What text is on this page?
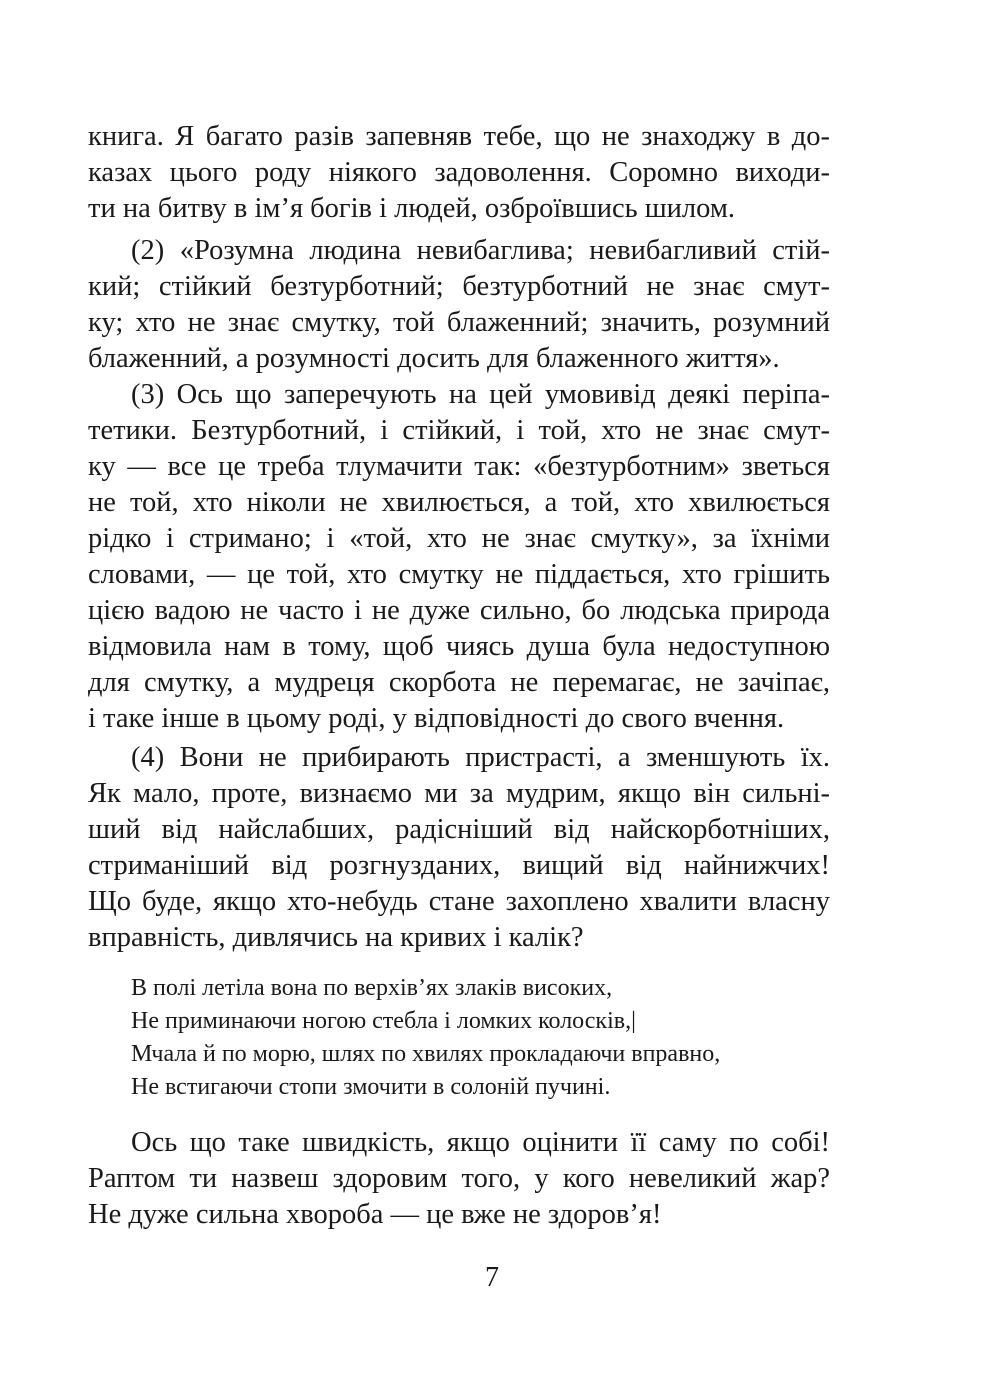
книга. Я багато разів запевняв тебе, що не знаходжу в до-
казах цього роду ніякого задоволення. Соромно виходи-
ти на битву в ім’я богів і людей, озброївшись шилом.
(2) «Розумна людина невибаглива; невибагливий стій-
кий; стійкий безтурботний; безтурботний не знає смут-
ку; хто не знає смутку, той блаженний; значить, розумний
блаженний, а розумності досить для блаженного життя».
(3) Ось що заперечують на цей умовивід деякі періпа-
тетики. Безтурботний, і стійкий, і той, хто не знає смут-
ку — все це треба тлумачити так: «безтурботним» зветься
не той, хто ніколи не хвилюється, а той, хто хвилюється
рідко і стримано; і «той, хто не знає смутку», за їхніми
словами, — це той, хто смутку не піддається, хто грішить
цією вадою не часто і не дуже сильно, бо людська природа
відмовила нам в тому, щоб чиясь душа була недоступною
для смутку, а мудреця скорбота не перемагає, не зачіпає,
і таке інше в цьому роді, у відповідності до свого вчення.
(4) Вони не прибирають пристрасті, а зменшують їх.
Як мало, проте, визнаємо ми за мудрим, якщо він сильні-
ший від найслабших, радісніший від найскорботніших,
стриманіший від розгнузданих, вищий від найнижчих!
Що буде, якщо хто-небудь стане захоплено хвалити власну
вправність, дивлячись на кривих і калік?
В полі летіла вона по верхів’ях злаків високих,
Не приминаючи ногою стебла і ломких колосків,|
Мчала й по морю, шлях по хвилях прокладаючи вправно,
Не встигаючи стопи змочити в солоній пучині.
Ось що таке швидкість, якщо оцінити її саму по собі!
Раптом ти назвеш здоровим того, у кого невеликий жар?
Не дуже сильна хвороба — це вже не здоров’я!
7
